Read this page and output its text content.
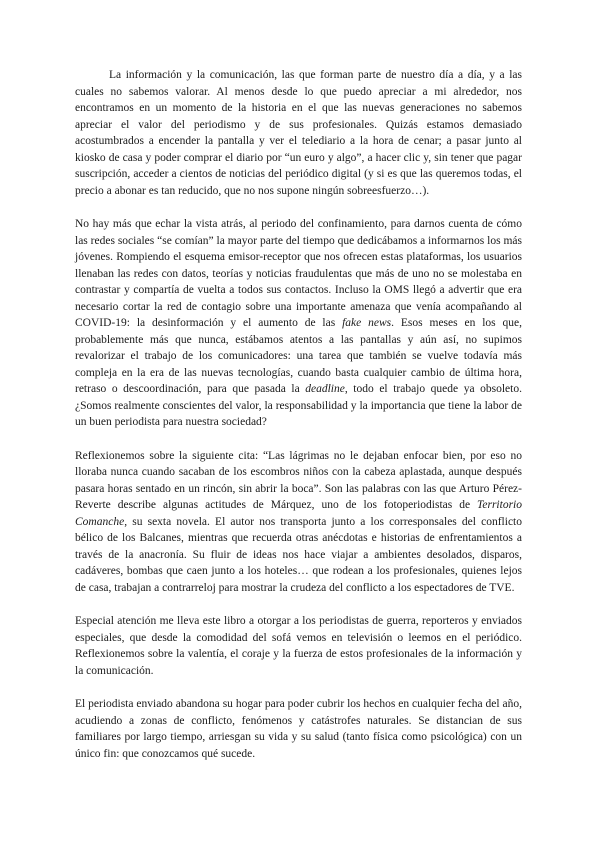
La información y la comunicación, las que forman parte de nuestro día a día, y a las cuales no sabemos valorar. Al menos desde lo que puedo apreciar a mi alrededor, nos encontramos en un momento de la historia en el que las nuevas generaciones no sabemos apreciar el valor del periodismo y de sus profesionales. Quizás estamos demasiado acostumbrados a encender la pantalla y ver el telediario a la hora de cenar; a pasar junto al kiosko de casa y poder comprar el diario por “un euro y algo”, a hacer clic y, sin tener que pagar suscripción, acceder a cientos de noticias del periódico digital (y si es que las queremos todas, el precio a abonar es tan reducido, que no nos supone ningún sobreesfuerzo…).

No hay más que echar la vista atrás, al periodo del confinamiento, para darnos cuenta de cómo las redes sociales “se comían” la mayor parte del tiempo que dedicábamos a informarnos los más jóvenes. Rompiendo el esquema emisor-receptor que nos ofrecen estas plataformas, los usuarios llenaban las redes con datos, teorías y noticias fraudulentas que más de uno no se molestaba en contrastar y compartía de vuelta a todos sus contactos. Incluso la OMS llegó a advertir que era necesario cortar la red de contagio sobre una importante amenaza que venía acompañando al COVID-19: la desinformación y el aumento de las fake news. Esos meses en los que, probablemente más que nunca, estábamos atentos a las pantallas y aún así, no supimos revalorizar el trabajo de los comunicadores: una tarea que también se vuelve todavía más compleja en la era de las nuevas tecnologías, cuando basta cualquier cambio de última hora, retraso o descoordinación, para que pasada la deadline, todo el trabajo quede ya obsoleto. ¿Somos realmente conscientes del valor, la responsabilidad y la importancia que tiene la labor de un buen periodista para nuestra sociedad?

Reflexionemos sobre la siguiente cita: “Las lágrimas no le dejaban enfocar bien, por eso no lloraba nunca cuando sacaban de los escombros niños con la cabeza aplastada, aunque después pasara horas sentado en un rincón, sin abrir la boca”. Son las palabras con las que Arturo Pérez-Reverte describe algunas actitudes de Márquez, uno de los fotoperiodistas de Territorio Comanche, su sexta novela. El autor nos transporta junto a los corresponsales del conflicto bélico de los Balcanes, mientras que recuerda otras anécdotas e historias de enfrentamientos a través de la anacronía. Su fluir de ideas nos hace viajar a ambientes desolados, disparos, cadáveres, bombas que caen junto a los hoteles… que rodean a los profesionales, quienes lejos de casa, trabajan a contrarreloj para mostrar la crudeza del conflicto a los espectadores de TVE.

Especial atención me lleva este libro a otorgar a los periodistas de guerra, reporteros y enviados especiales, que desde la comodidad del sofá vemos en televisión o leemos en el periódico. Reflexionemos sobre la valentía, el coraje y la fuerza de estos profesionales de la información y la comunicación.

El periodista enviado abandona su hogar para poder cubrir los hechos en cualquier fecha del año, acudiendo a zonas de conflicto, fenómenos y catástrofes naturales. Se distancian de sus familiares por largo tiempo, arriesgan su vida y su salud (tanto física como psicológica) con un único fin: que conozcamos qué sucede.
